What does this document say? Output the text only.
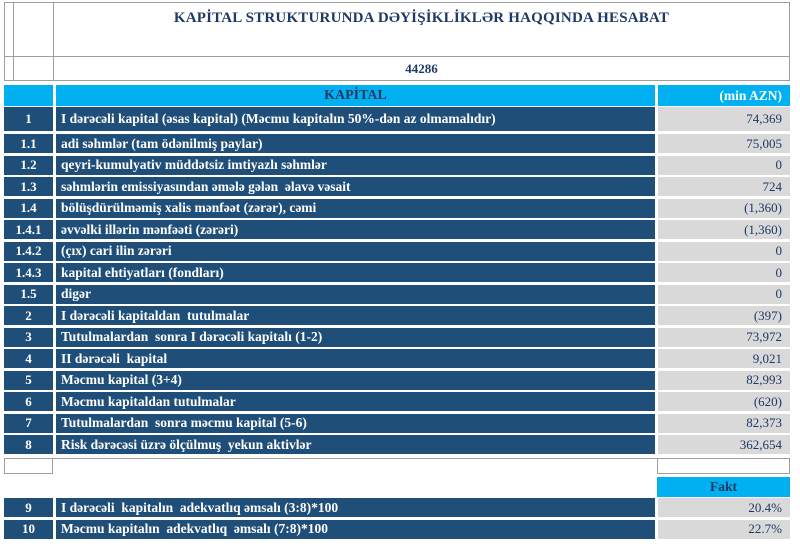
KAPİTAL STRUKTURUNDA DƏYİŞİKLİKLƏR HAQQINDA HESABAT
44286
KAPİTAL	(min AZN)
1	I dərəcəli kapital (əsas kapital) (Məcmu kapitalın 50%-dən az olmamalıdır)	74,369
1.1	adi səhmlər (tam ödənilmiş paylar)	75,005
1.2	qeyri-kumulyativ müddətsiz imtiyazlı səhmlər	0
1.3	səhmlərin emissiyasından əmələ gələn  əlavə vəsait	724
1.4	bölüşdürülməmiş xalis mənfəət (zərər), cəmi	(1,360)
1.4.1	əvvəlki illərin mənfəəti (zərəri)	(1,360)
1.4.2	(çıx) cari ilin zərəri	0
1.4.3	kapital ehtiyatları (fondları)	0
1.5	digər	0
2	I dərəcəli kapitaldan  tutulmalar	(397)
3	Tutulmalardan  sonra I dərəcəli kapitalı (1-2)	73,972
4	II dərəcəli  kapital	9,021
5	Məcmu kapital (3+4)	82,993
6	Məcmu kapitaldan tutulmalar	(620)
7	Tutulmalardan  sonra məcmu kapital (5-6)	82,373
8	Risk dərəcəsi üzrə ölçülmuş  yekun aktivlər	362,654
Fakt
9	I dərəcəli  kapitalın  adekvatlıq əmsalı (3:8)*100	20.4%
10	Məcmu kapitalın  adekvatlıq  əmsalı (7:8)*100	22.7%
